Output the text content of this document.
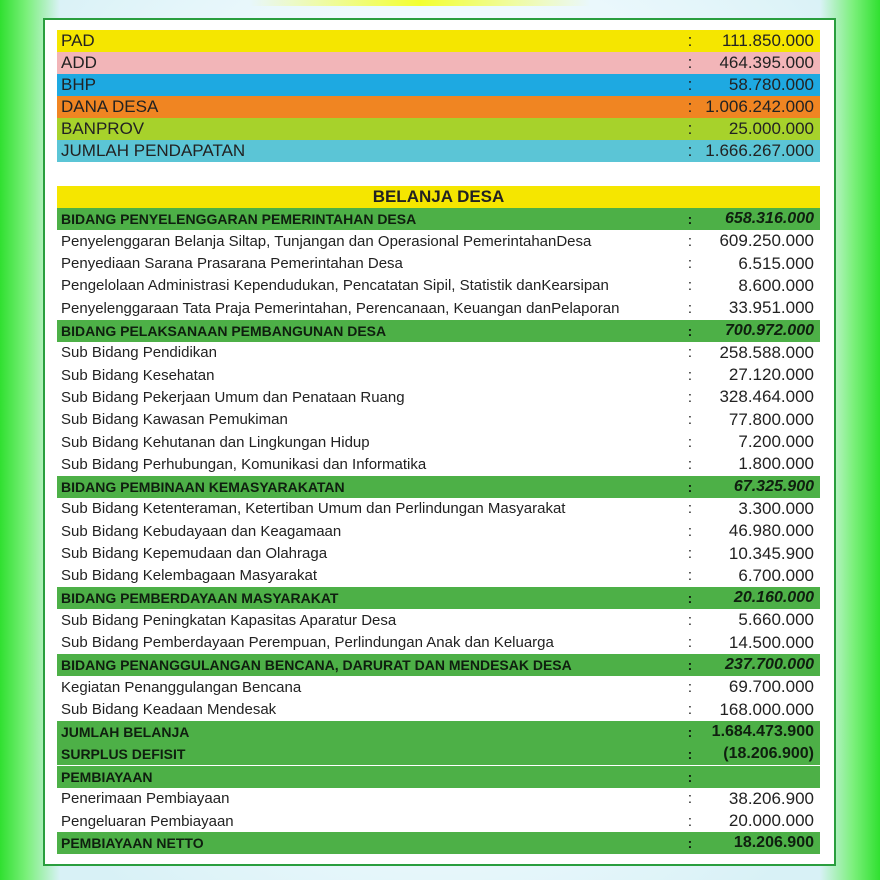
PAD	:	111.850.000
ADD	:	464.395.000
BHP	:	58.780.000
DANA DESA	: 1.006.242.000
BANPROV	:	25.000.000
JUMLAH PENDAPATAN	: 1.666.267.000
BELANJA DESA
BIDANG PENYELENGGARAN PEMERINTAHAN DESA	:	658.316.000
Penyelenggaran Belanja Siltap, Tunjangan dan Operasional PemerintahanDesa	:	609.250.000
Penyediaan Sarana Prasarana Pemerintahan Desa	:	6.515.000
Pengelolaan Administrasi Kependudukan, Pencatatan Sipil, Statistik danKearsipan	:	8.600.000
Penyelenggaraan Tata Praja Pemerintahan, Perencanaan, Keuangan danPelaporan	:	33.951.000
BIDANG PELAKSANAAN PEMBANGUNAN DESA	:	700.972.000
Sub Bidang Pendidikan	:	258.588.000
Sub Bidang Kesehatan	:	27.120.000
Sub Bidang Pekerjaan Umum dan Penataan Ruang	:	328.464.000
Sub Bidang Kawasan Pemukiman	:	77.800.000
Sub Bidang Kehutanan dan Lingkungan Hidup	:	7.200.000
Sub Bidang Perhubungan, Komunikasi dan Informatika	:	1.800.000
BIDANG PEMBINAAN KEMASYARAKATAN	:	67.325.900
Sub Bidang Ketenteraman, Ketertiban Umum dan Perlindungan Masyarakat	:	3.300.000
Sub Bidang Kebudayaan dan Keagamaan	:	46.980.000
Sub Bidang Kepemudaan dan Olahraga	:	10.345.900
Sub Bidang Kelembagaan Masyarakat	:	6.700.000
BIDANG PEMBERDAYAAN MASYARAKAT	:	20.160.000
Sub Bidang Peningkatan Kapasitas Aparatur Desa	:	5.660.000
Sub Bidang Pemberdayaan Perempuan, Perlindungan Anak dan Keluarga	:	14.500.000
BIDANG PENANGGULANGAN BENCANA, DARURAT DAN MENDESAK DESA	:	237.700.000
Kegiatan Penanggulangan Bencana	:	69.700.000
Sub Bidang Keadaan Mendesak	:	168.000.000
JUMLAH BELANJA	:	1.684.473.900
SURPLUS DEFISIT	:	(18.206.900)
PEMBIAYAAN	:
Penerimaan Pembiayaan	:	38.206.900
Pengeluaran Pembiayaan	:	20.000.000
PEMBIAYAAN NETTO	:	18.206.900
